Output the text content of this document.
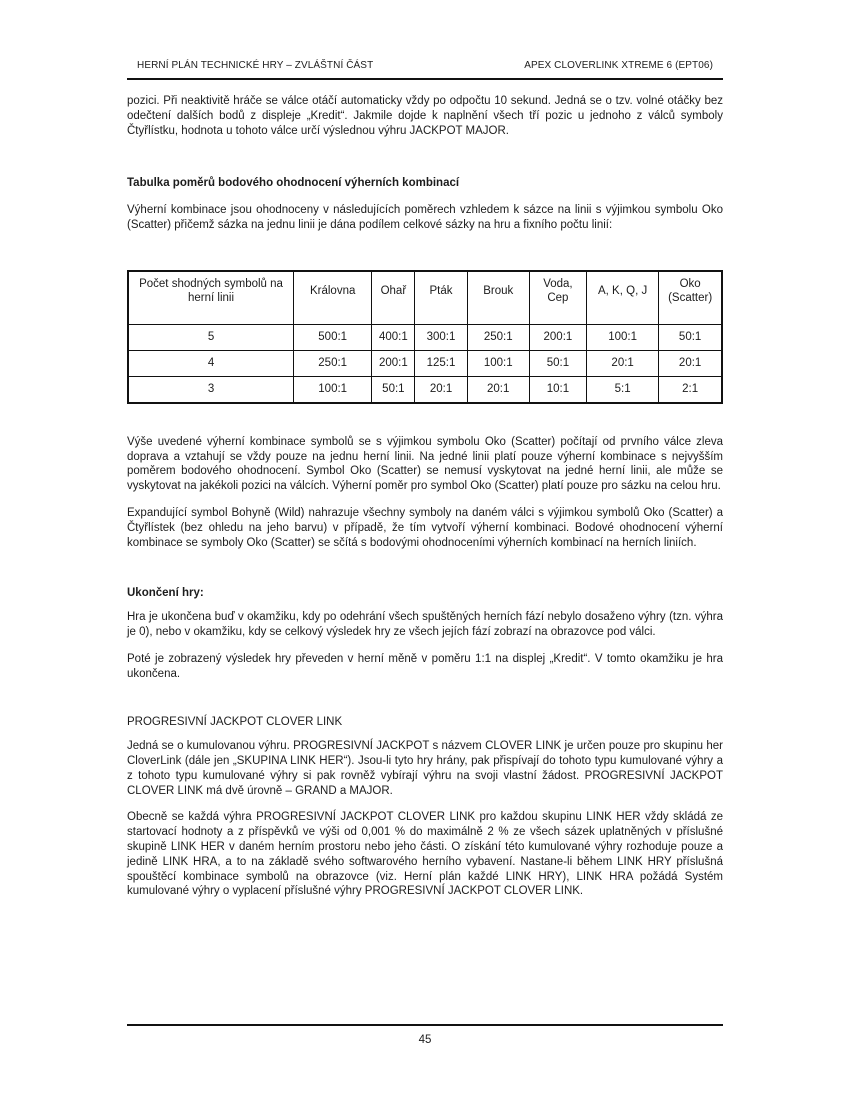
HERNÍ PLÁN TECHNICKÉ HRY – ZVLÁŠTNÍ ČÁST	APEX CLOVERLINK XTREME 6 (EPT06)

pozici. Při neaktivitě hráče se válce otáčí automaticky vždy po odpočtu 10 sekund. Jedná se o tzv. volné otáčky bez odečtení dalších bodů z displeje „Kredit“. Jakmile dojde k naplnění všech tří pozic u jednoho z válců symboly Čtyřlístku, hodnota u tohoto válce určí výslednou výhru JACKPOT MAJOR.

Tabulka poměrů bodového ohodnocení výherních kombinací

Výherní kombinace jsou ohodnoceny v následujících poměrech vzhledem k sázce na linii s výjimkou symbolu Oko (Scatter) přičemž sázka na jednu linii je dána podílem celkové sázky na hru a fixního počtu linií:

Počet shodných symbolů na herní linii	Královna	Ohař	Pták	Brouk	Voda, Cep	A, K, Q, J	Oko (Scatter)
5	500:1	400:1	300:1	250:1	200:1	100:1	50:1
4	250:1	200:1	125:1	100:1	50:1	20:1	20:1
3	100:1	50:1	20:1	20:1	10:1	5:1	2:1

Výše uvedené výherní kombinace symbolů se s výjimkou symbolu Oko (Scatter) počítají od prvního válce zleva doprava a vztahují se vždy pouze na jednu herní linii. Na jedné linii platí pouze výherní kombinace s nejvyšším poměrem bodového ohodnocení. Symbol Oko (Scatter) se nemusí vyskytovat na jedné herní linii, ale může se vyskytovat na jakékoli pozici na válcích. Výherní poměr pro symbol Oko (Scatter) platí pouze pro sázku na celou hru.

Expandující symbol Bohyně (Wild) nahrazuje všechny symboly na daném válci s výjimkou symbolů Oko (Scatter) a Čtyřlístek (bez ohledu na jeho barvu) v případě, že tím vytvoří výherní kombinaci. Bodové ohodnocení výherní kombinace se symboly Oko (Scatter) se sčítá s bodovými ohodnoceními výherních kombinací na herních liniích.

Ukončení hry:

Hra je ukončena buď v okamžiku, kdy po odehrání všech spuštěných herních fází nebylo dosaženo výhry (tzn. výhra je 0), nebo v okamžiku, kdy se celkový výsledek hry ze všech jejích fází zobrazí na obrazovce pod válci.

Poté je zobrazený výsledek hry převeden v herní měně v poměru 1:1 na displej „Kredit“. V tomto okamžiku je hra ukončena.

PROGRESIVNÍ JACKPOT CLOVER LINK

Jedná se o kumulovanou výhru. PROGRESIVNÍ JACKPOT s názvem CLOVER LINK je určen pouze pro skupinu her CloverLink (dále jen „SKUPINA LINK HER“). Jsou-li tyto hry hrány, pak přispívají do tohoto typu kumulované výhry a z tohoto typu kumulované výhry si pak rovněž vybírají výhru na svoji vlastní žádost. PROGRESIVNÍ JACKPOT CLOVER LINK má dvě úrovně – GRAND a MAJOR.

Obecně se každá výhra PROGRESIVNÍ JACKPOT CLOVER LINK pro každou skupinu LINK HER vždy skládá ze startovací hodnoty a z příspěvků ve výši od 0,001 % do maximálně 2 % ze všech sázek uplatněných v příslušné skupině LINK HER v daném herním prostoru nebo jeho části. O získání této kumulované výhry rozhoduje pouze a jedině LINK HRA, a to na základě svého softwarového herního vybavení. Nastane-li během LINK HRY příslušná spouštěcí kombinace symbolů na obrazovce (viz. Herní plán každé LINK HRY), LINK HRA požádá Systém kumulované výhry o vyplacení příslušné výhry PROGRESIVNÍ JACKPOT CLOVER LINK.

45
